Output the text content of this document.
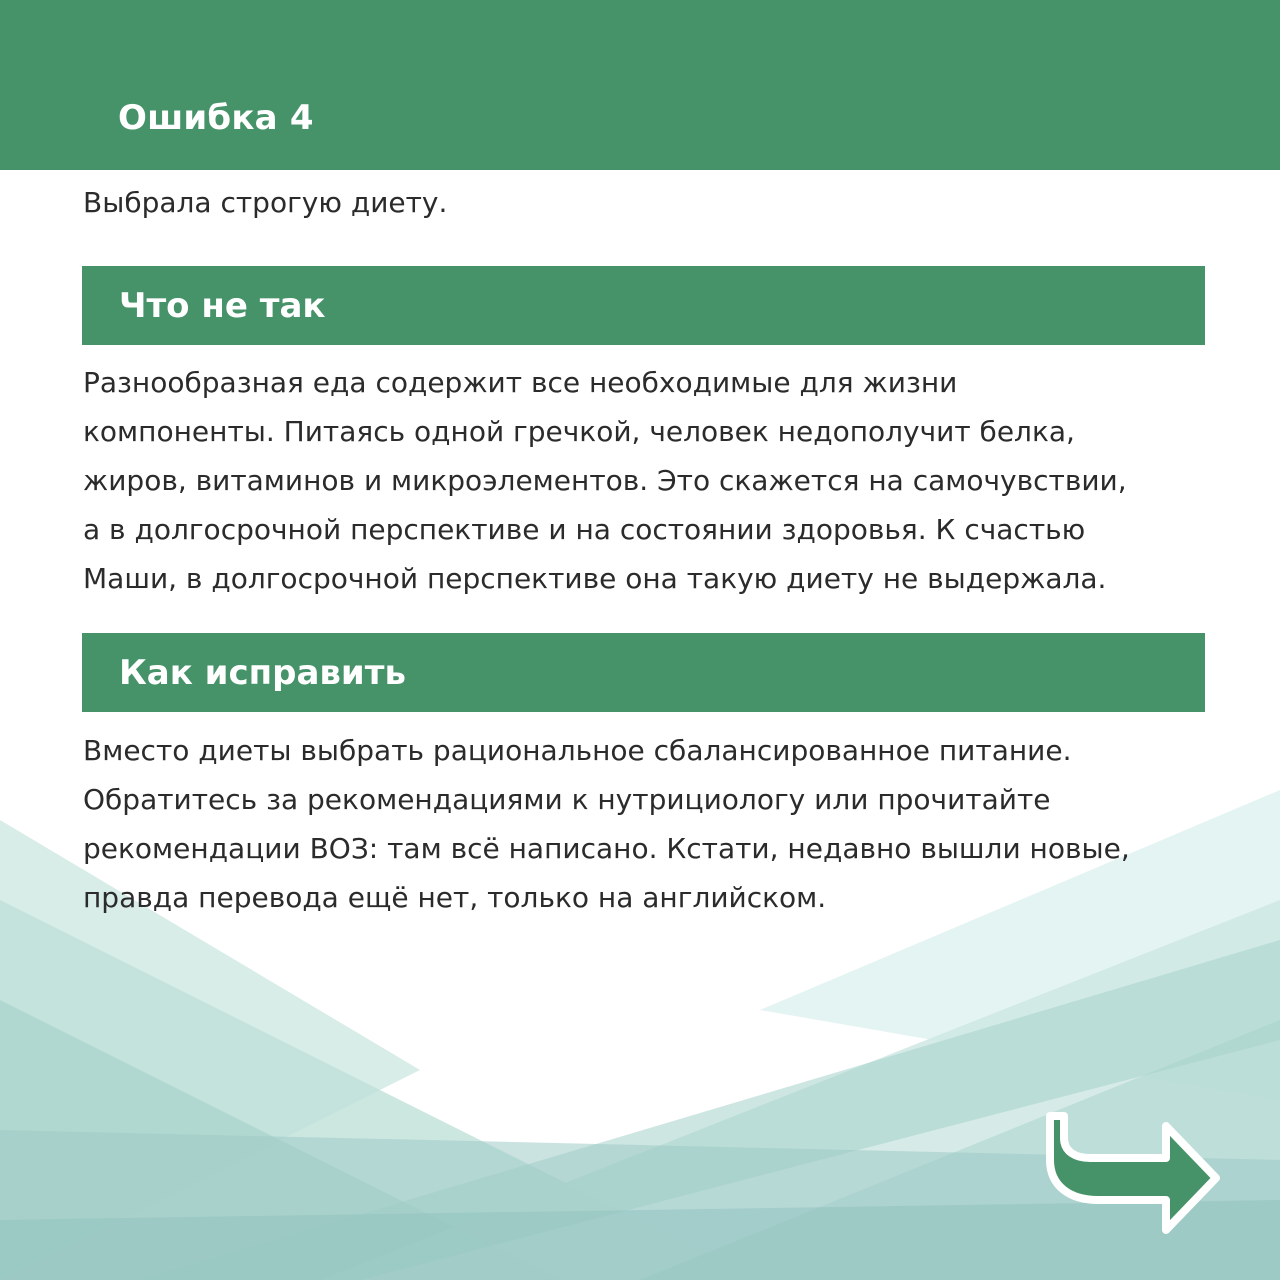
Ошибка 4
Выбрала строгую диету.
Что не так
Разнообразная еда содержит все необходимые для жизни
компоненты. Питаясь одной гречкой, человек недополучит белка,
жиров, витаминов и микроэлементов. Это скажется на самочувствии,
а в долгосрочной перспективе и на состоянии здоровья. К счастью
Маши, в долгосрочной перспективе она такую диету не выдержала.
Как исправить
Вместо диеты выбрать рациональное сбалансированное питание.
Обратитесь за рекомендациями к нутрициологу или прочитайте
рекомендации ВОЗ: там всё написано. Кстати, недавно вышли новые,
правда перевода ещё нет, только на английском.
